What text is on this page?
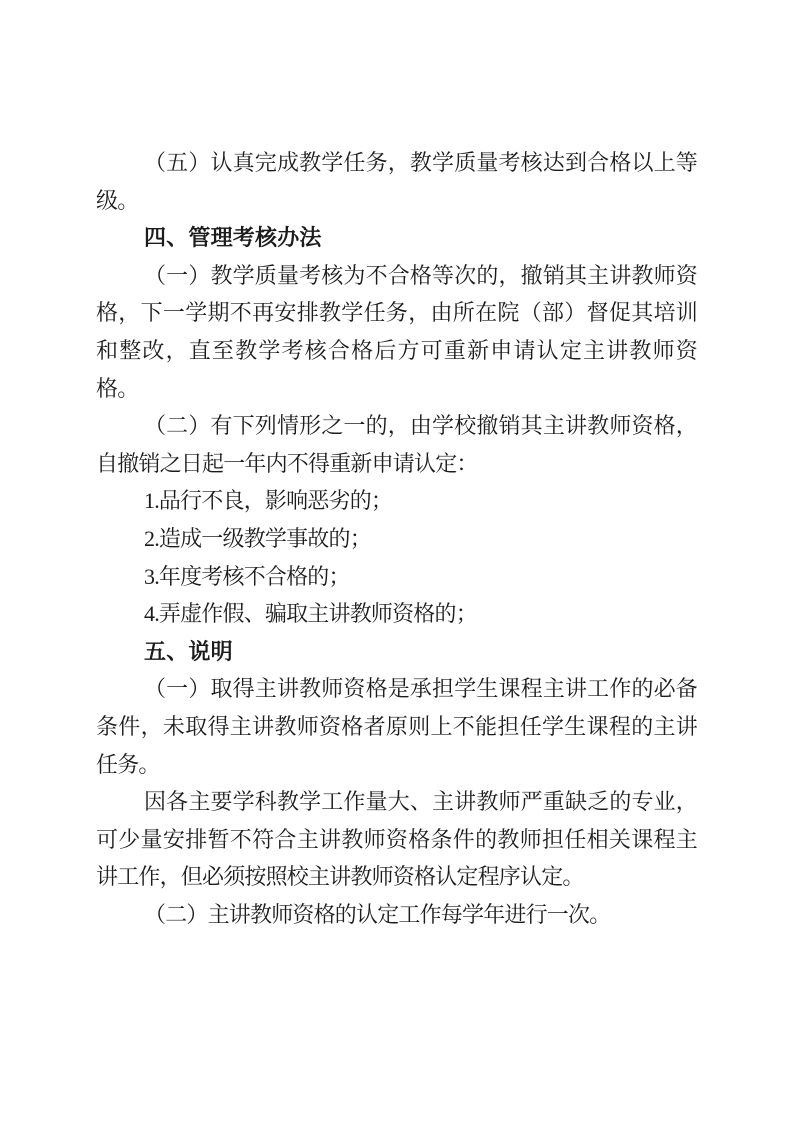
（五）认真完成教学任务，教学质量考核达到合格以上等
级。
四、管理考核办法
（一）教学质量考核为不合格等次的，撤销其主讲教师资
格，下一学期不再安排教学任务，由所在院（部）督促其培训
和整改，直至教学考核合格后方可重新申请认定主讲教师资
格。
（二）有下列情形之一的，由学校撤销其主讲教师资格，
自撤销之日起一年内不得重新申请认定：
1.品行不良，影响恶劣的；
2.造成一级教学事故的；
3.年度考核不合格的；
4.弄虚作假、骗取主讲教师资格的；
五、说明
（一）取得主讲教师资格是承担学生课程主讲工作的必备
条件，未取得主讲教师资格者原则上不能担任学生课程的主讲
任务。
因各主要学科教学工作量大、主讲教师严重缺乏的专业，
可少量安排暂不符合主讲教师资格条件的教师担任相关课程主
讲工作，但必须按照校主讲教师资格认定程序认定。
（二）主讲教师资格的认定工作每学年进行一次。
